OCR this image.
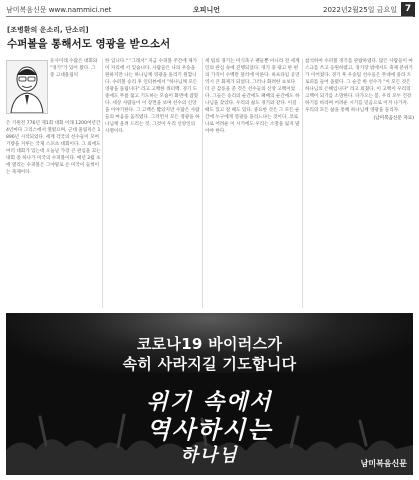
남미복음신문 www.nammici.net	오피니언	2022년2월25일 금요일 7
[조병환의 운소리, 단소리]
수퍼볼을 통해서도 영광을 받으소서

유사이래 수많은 대회와 "경기"가 있어 왔다. 그 중 고대올림픽

은 기원전 776년 제1회 대회 이래 1200여년간 4년마다 그리스에서 열렸으며, 근대 올림픽은 1896년 시작되었다. 세계 각국의 선수들이 모여 기량을 겨루는 국제 스포츠 대회이다. 그 외에도 여러 대회가 있는데 오늘날 가장 큰 관심을 끄는 대회 중 하나가 미국의 수퍼볼이다. 매년 2월 초에 열리는 수퍼볼은 그야말로 온 미국이 들썩이는 축제이다.

한 입니다." "그래서" 지금 수퍼볼 주간에 제가 이 자리에 서 있습니다. 사람들은 나의 우승을 원하지만 나는 하나님께 영광을 돌리기 원합니다. 수퍼볼 승리 후 인터뷰에서 "하나님께 모든 영광을 돌립니다" 라고 고백한 쿼터백. 경기 도중에도 무릎 꿇고 기도하는 모습이 화면에 잡혔다. 세상 사람들이 이 장면을 보며 선수의 신앙을 이야기한다. 그 고백은 짧았지만 수많은 사람들의 마음을 움직였다. 그러면서 모든 영광을 하나님께 올려 드리는 것, 그것이 우리 신앙인의 사명이다.

세 팀의 경기는 미식축구 팬들뿐 아니라 전 세계인의 관심 속에 진행되었다. 경기 중 광고 한 편의 가격이 수백만 달러에 이른다. 하프타임 공연 역시 큰 화제가 되었다. 그러나 화려한 쇼보다 더 큰 감동을 준 것은 선수들의 신앙 고백이었다. 그들은 승리의 순간에도 패배의 순간에도 하나님을 찾았다. 우리의 삶도 경기와 같다. 이길 때도 있고 질 때도 있다. 중요한 것은 그 모든 순간에 누구에게 영광을 돌리느냐는 것이다. 코로나로 어려운 이 시기에도 우리는 소망을 잃지 말아야 한다.

참석하여 수퍼볼 경기를 관람하였다. 많은 사람들이 마스크를 쓰고 응원하였고, 경기장 밖에서도 축제 분위기가 이어졌다. 경기 후 우승팀 선수들은 무대에 올라 트로피를 들어 올렸다. 그 순간 한 선수가 "이 모든 것은 하나님의 은혜입니다" 라고 외쳤다. 이 고백이 우리의 고백이 되기를 소망한다. 다가오는 봄, 우리 모두 건강하기를 바라며 어려운 시기를 믿음으로 이겨 나가자. 우리의 모든 삶을 통해 하나님께 영광을 돌리자.

(남미복음신문 자료)

코로나19 바이러스가
속히 사라지길 기도합니다
위기 속에서
역사하시는
하나님	남미복음신문
